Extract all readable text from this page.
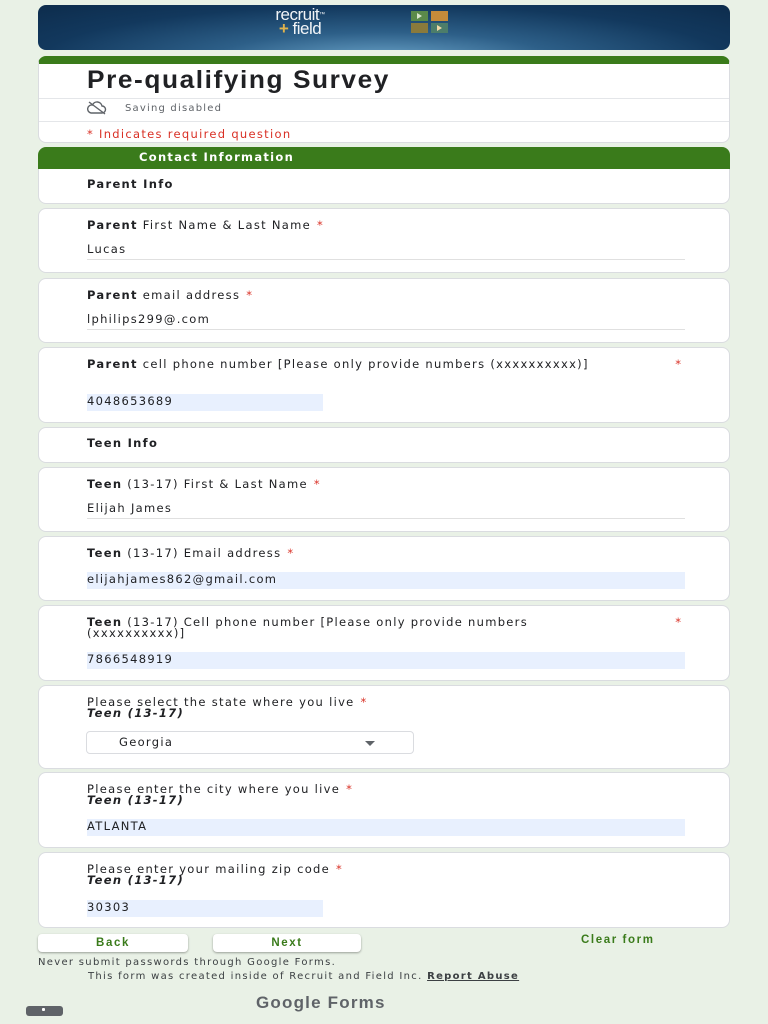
recruit™
+ field
Pre-qualifying Survey
Saving disabled
* Indicates required question
Contact Information
Parent Info
Parent First Name & Last Name *
Lucas
Parent email address *
lphilips299@.com
Parent cell phone number [Please only provide numbers (xxxxxxxxxx)]	*
4048653689
Teen Info
Teen (13-17) First & Last Name *
Elijah James
Teen (13-17) Email address *
elijahjames862@gmail.com
Teen (13-17) Cell phone number [Please only provide numbers (xxxxxxxxxx)]
*
7866548919
Please select the state where you live *
Teen (13-17)
Georgia
Please enter the city where you live *
Teen (13-17)
ATLANTA
Please enter your mailing zip code *
Teen (13-17)
30303
Back	Next	Clear form
Never submit passwords through Google Forms.
This form was created inside of Recruit and Field Inc. Report Abuse
Google Forms
